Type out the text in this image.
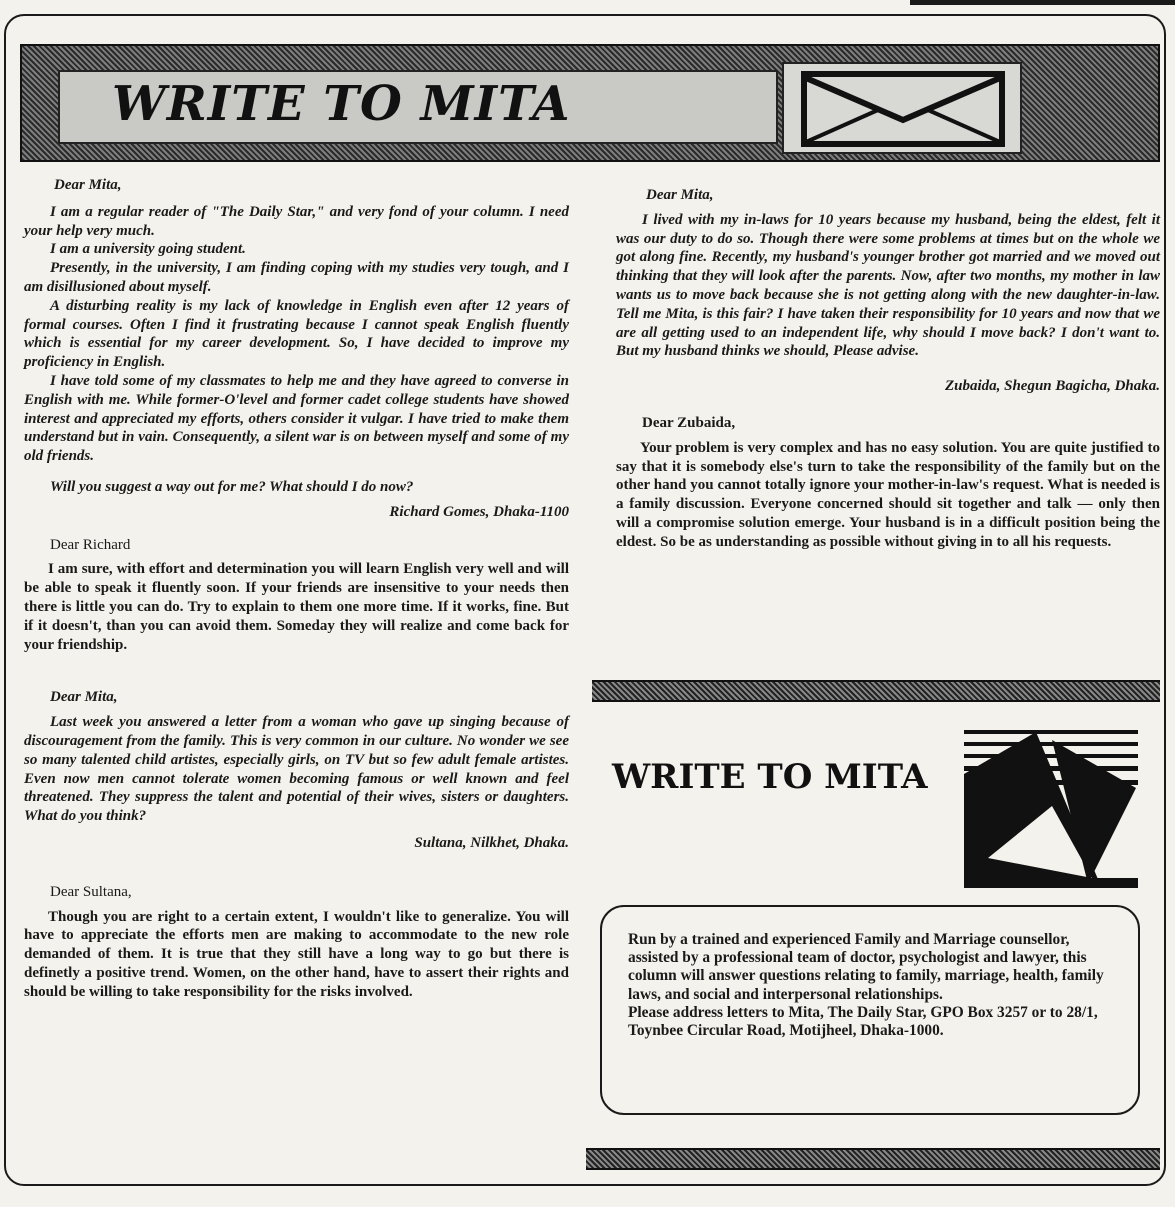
WRITE TO MITA

Dear Mita,

I am a regular reader of "The Daily Star," and very fond of your column. I need your help very much.

I am a university going student.

Presently, in the university, I am finding coping with my studies very tough, and I am disillusioned about myself.

A disturbing reality is my lack of knowledge in English even after 12 years of formal courses. Often I find it frustrating because I cannot speak English fluently which is essential for my career development. So, I have decided to improve my proficiency in English.

I have told some of my classmates to help me and they have agreed to converse in English with me. While former-O'level and former cadet college students have showed interest and appreciated my efforts, others consider it vulgar. I have tried to make them understand but in vain. Consequently, a silent war is on between myself and some of my old friends.

Will you suggest a way out for me? What should I do now?

Richard Gomes, Dhaka-1100

Dear Richard

I am sure, with effort and determination you will learn English very well and will be able to speak it fluently soon. If your friends are insensitive to your needs then there is little you can do. Try to explain to them one more time. If it works, fine. But if it doesn't, than you can avoid them. Someday they will realize and come back for your friendship.

Dear Mita,

Last week you answered a letter from a woman who gave up singing because of discouragement from the family. This is very common in our culture. No wonder we see so many talented child artistes, especially girls, on TV but so few adult female artistes. Even now men cannot tolerate women becoming famous or well known and feel threatened. They suppress the talent and potential of their wives, sisters or daughters. What do you think?

Sultana, Nilkhet, Dhaka.

Dear Sultana,

Though you are right to a certain extent, I wouldn't like to generalize. You will have to appreciate the efforts men are making to accommodate to the new role demanded of them. It is true that they still have a long way to go but there is definetly a positive trend. Women, on the other hand, have to assert their rights and should be willing to take responsibility for the risks involved.

Dear Mita,

I lived with my in-laws for 10 years because my husband, being the eldest, felt it was our duty to do so. Though there were some problems at times but on the whole we got along fine. Recently, my husband's younger brother got married and we moved out thinking that they will look after the parents. Now, after two months, my mother in law wants us to move back because she is not getting along with the new daughter-in-law. Tell me Mita, is this fair? I have taken their responsibility for 10 years and now that we are all getting used to an independent life, why should I move back? I don't want to. But my husband thinks we should, Please advise.

Zubaida, Shegun Bagicha, Dhaka.

Dear Zubaida,

Your problem is very complex and has no easy solution. You are quite justified to say that it is somebody else's turn to take the responsibility of the family but on the other hand you cannot totally ignore your mother-in-law's request. What is needed is a family discussion. Everyone concerned should sit together and talk — only then will a compromise solution emerge. Your husband is in a difficult position being the eldest. So be as understanding as possible without giving in to all his requests.

WRITE TO MITA

Run by a trained and experienced Family and Marriage counsellor, assisted by a professional team of doctor, psychologist and lawyer, this column will answer questions relating to family, marriage, health, family laws, and social and interpersonal relationships.

Please address letters to Mita, The Daily Star, GPO Box 3257 or to 28/1, Toynbee Circular Road, Motijheel, Dhaka-1000.
